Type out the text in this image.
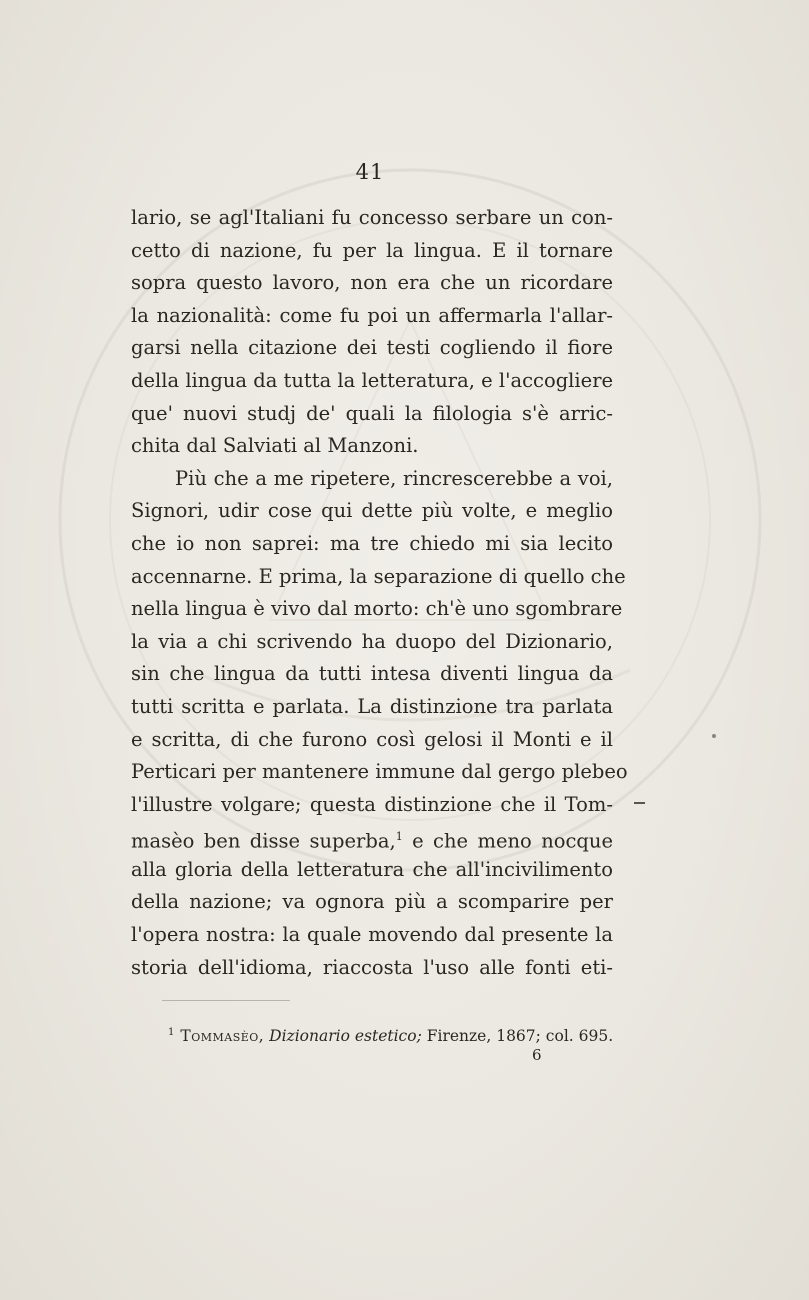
41
lario, se agl'Italiani fu concesso serbare un con-
cetto di nazione, fu per la lingua. E il tornare
sopra questo lavoro, non era che un ricordare
la nazionalità: come fu poi un affermarla l'allar-
garsi nella citazione dei testi cogliendo il fiore
della lingua da tutta la letteratura, e l'accogliere
que' nuovi studj de' quali la filologia s'è arric-
chita dal Salviati al Manzoni.
Più che a me ripetere, rincrescerebbe a voi,
Signori, udir cose qui dette più volte, e meglio
che io non saprei: ma tre chiedo mi sia lecito
accennarne. E prima, la separazione di quello che
nella lingua è vivo dal morto: ch'è uno sgombrare
la via a chi scrivendo ha duopo del Dizionario,
sin che lingua da tutti intesa diventi lingua da
tutti scritta e parlata. La distinzione tra parlata
e scritta, di che furono così gelosi il Monti e il
Perticari per mantenere immune dal gergo plebeo
l'illustre volgare; questa distinzione che il Tom-
masèo ben disse superba,$^1$ e che meno nocque
alla gloria della letteratura che all'incivilimento
della nazione; va ognora più a scomparire per
l'opera nostra: la quale movendo dal presente la
storia dell'idioma, riaccosta l'uso alle fonti eti-
$^1$ Tommasèo, Dizionario estetico; Firenze, 1867; col. 695.
6
